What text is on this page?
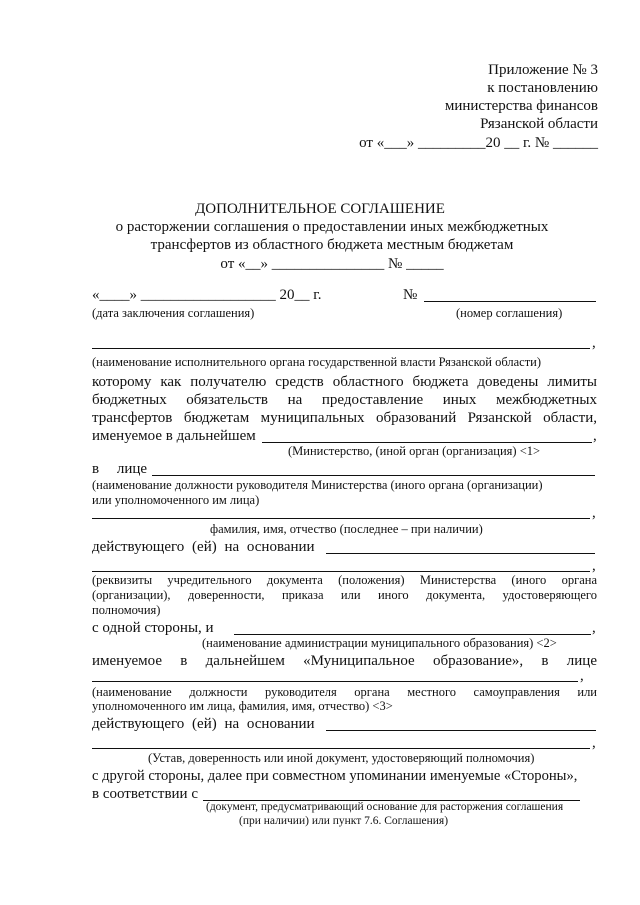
Приложение № 3
к постановлению
министерства финансов
Рязанской области
от «___» _________20 __ г. № ______
ДОПОЛНИТЕЛЬНОЕ СОГЛАШЕНИЕ
о расторжении соглашения о предоставлении иных межбюджетных
трансфертов из областного бюджета местным бюджетам
от «__» _______________ № _____
«____» __________________ 20__ г.	№
(дата заключения соглашения)	(номер соглашения)
,
(наименование исполнительного органа государственной власти Рязанской области)
которому как получателю средств областного бюджета доведены лимиты
бюджетных обязательств на предоставление иных межбюджетных
трансфертов бюджетам муниципальных образований Рязанской области,
именуемое в дальнейшем	,
(Министерство, (иной орган (организация) <1>
в лице
(наименование должности руководителя Министерства (иного органа (организации)
или уполномоченного им лица)
,
фамилия, имя, отчество (последнее – при наличии)
действующего (ей) на основании
,
(реквизиты учредительного документа (положения) Министерства (иного органа
(организации), доверенности, приказа или иного документа, удостоверяющего
полномочия)
с одной стороны, и	,
(наименование администрации муниципального образования) <2>
именуемое в дальнейшем «Муниципальное образование», в лице
,
(наименование должности руководителя органа местного самоуправления или
уполномоченного им лица, фамилия, имя, отчество) <3>
действующего (ей) на основании
,
(Устав, доверенность или иной документ, удостоверяющий полномочия)
с другой стороны, далее при совместном упоминании именуемые «Стороны»,
в соответствии с
(документ, предусматривающий основание для расторжения соглашения
(при наличии) или пункт 7.6. Соглашения)
